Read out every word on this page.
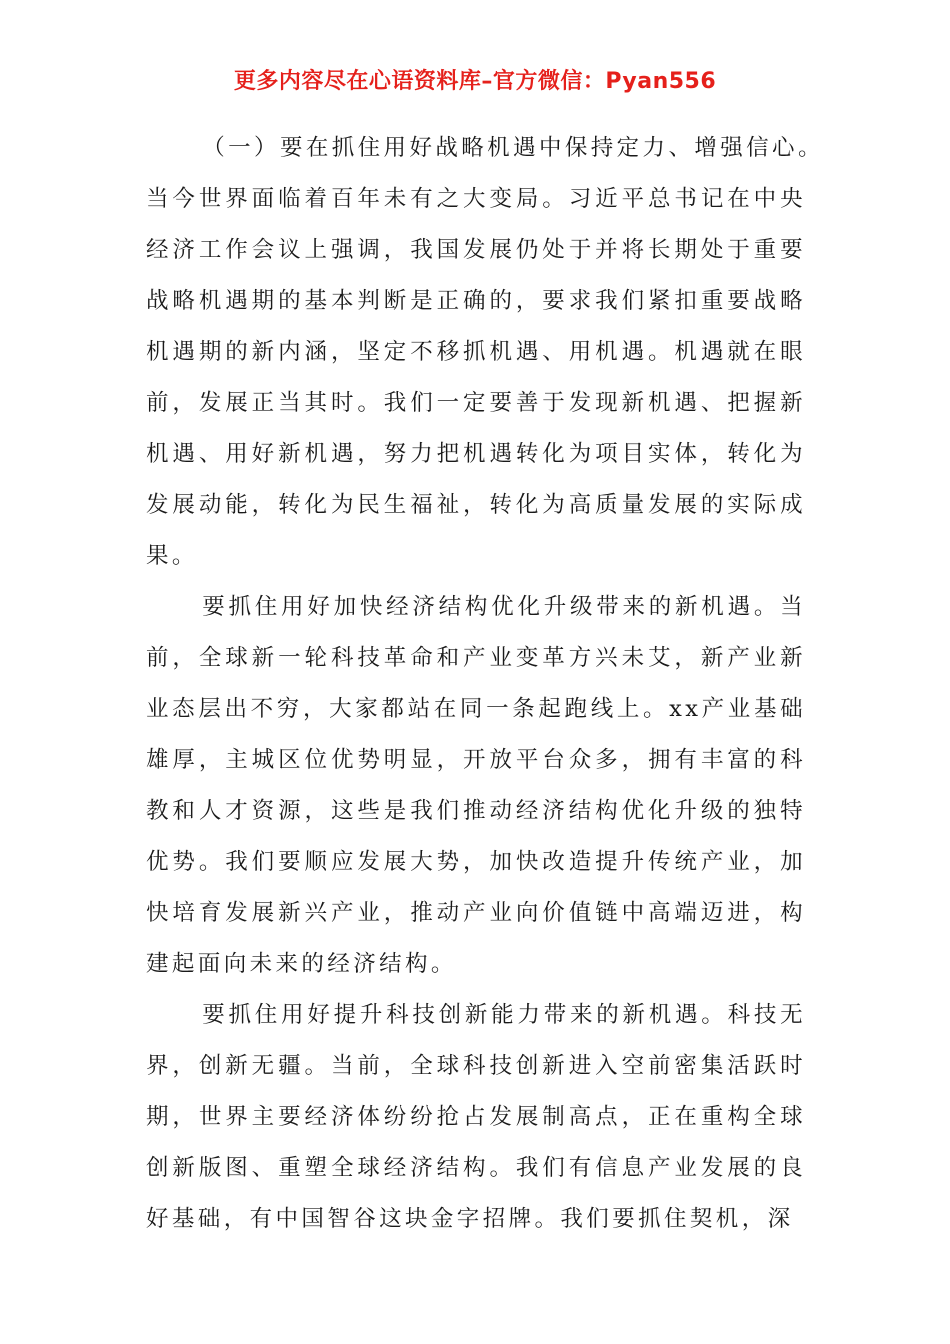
更多内容尽在心语资料库–官方微信：Pyan556

（一）要在抓住用好战略机遇中保持定力、增强信心。

当今世界面临着百年未有之大变局。习近平总书记在中央经济工作会议上强调，我国发展仍处于并将长期处于重要战略机遇期的基本判断是正确的，要求我们紧扣重要战略机遇期的新内涵，坚定不移抓机遇、用机遇。机遇就在眼前，发展正当其时。我们一定要善于发现新机遇、把握新机遇、用好新机遇，努力把机遇转化为项目实体，转化为发展动能，转化为民生福祉，转化为高质量发展的实际成果。

要抓住用好加快经济结构优化升级带来的新机遇。当前，全球新一轮科技革命和产业变革方兴未艾，新产业新业态层出不穷，大家都站在同一条起跑线上。xx产业基础雄厚，主城区位优势明显，开放平台众多，拥有丰富的科教和人才资源，这些是我们推动经济结构优化升级的独特优势。我们要顺应发展大势，加快改造提升传统产业，加快培育发展新兴产业，推动产业向价值链中高端迈进，构建起面向未来的经济结构。

要抓住用好提升科技创新能力带来的新机遇。科技无界，创新无疆。当前，全球科技创新进入空前密集活跃时期，世界主要经济体纷纷抢占发展制高点，正在重构全球创新版图、重塑全球经济结构。我们有信息产业发展的良好基础，有中国智谷这块金字招牌。我们要抓住契机，深
